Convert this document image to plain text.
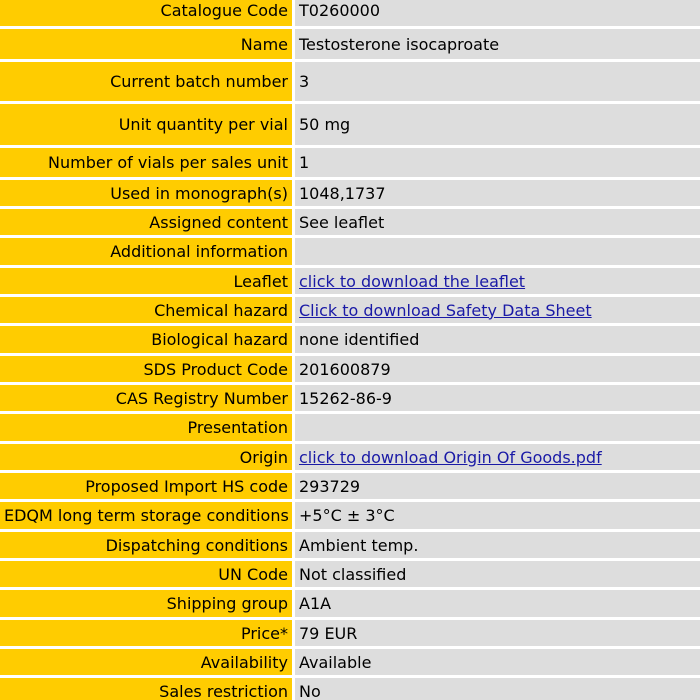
Catalogue Code	T0260000
Name	Testosterone isocaproate
Current batch number	3
Unit quantity per vial	50 mg
Number of vials per sales unit	1
Used in monograph(s)	1048,1737
Assigned content	See leaflet
Additional information	
Leaflet	click to download the leaflet
Chemical hazard	Click to download Safety Data Sheet
Biological hazard	none identified
SDS Product Code	201600879
CAS Registry Number	15262-86-9
Presentation	
Origin	click to download Origin Of Goods.pdf
Proposed Import HS code	293729
EDQM long term storage conditions	+5°C ± 3°C
Dispatching conditions	Ambient temp.
UN Code	Not classified
Shipping group	A1A
Price*	79 EUR
Availability	Available
Sales restriction	No
